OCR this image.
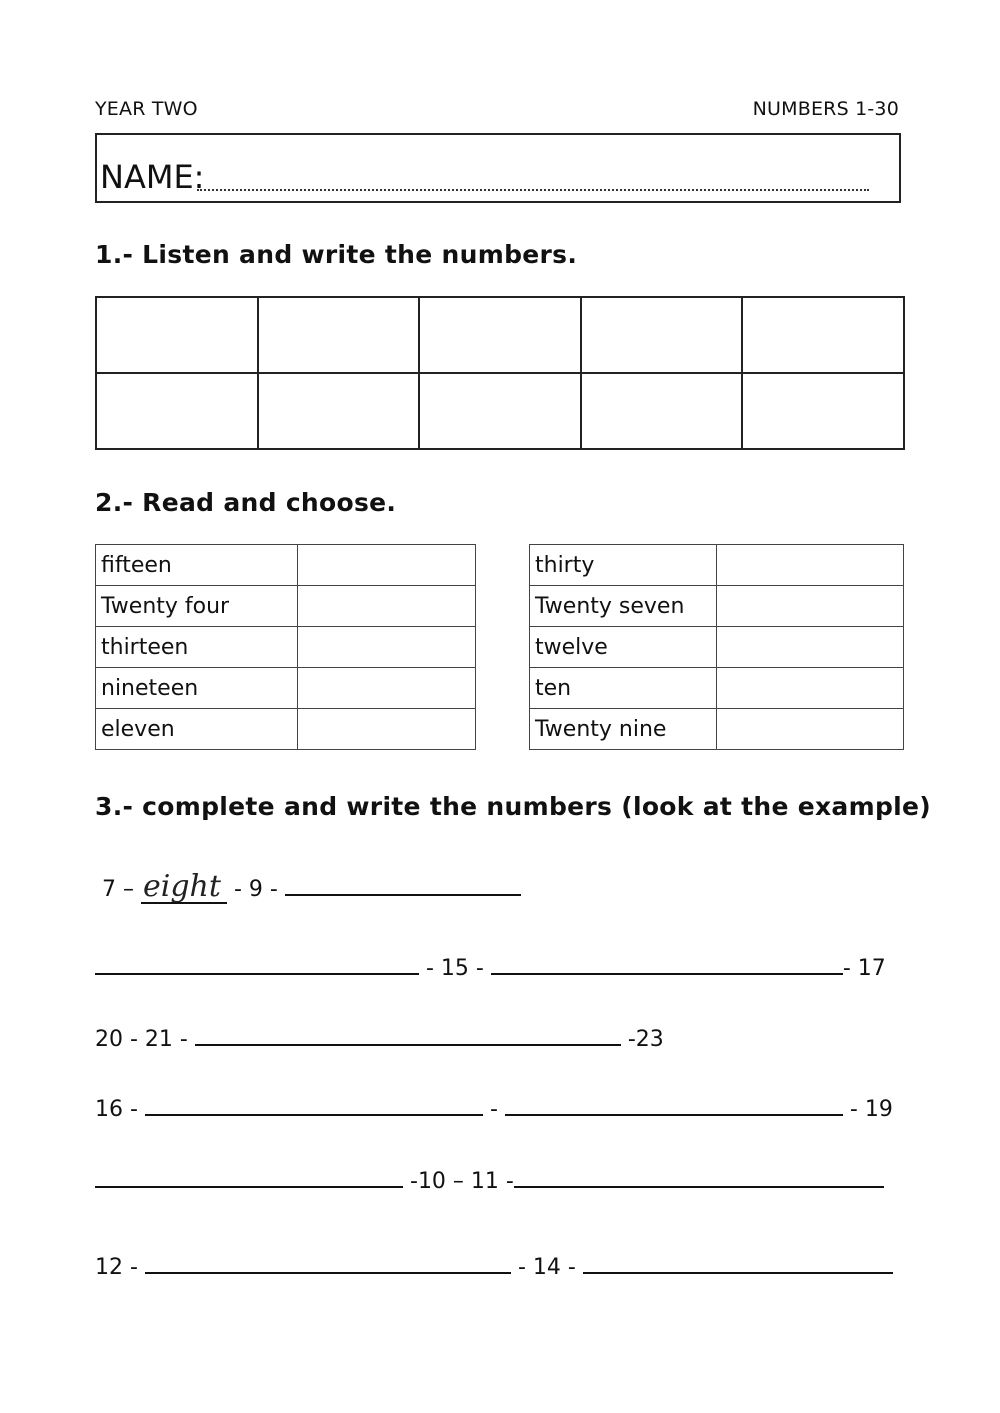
YEAR TWO	NUMBERS 1-30
NAME:
1.- Listen and write the numbers.

2.- Read and choose.
fifteen	
Twenty four	
thirteen	
nineteen	
eleven	
thirty	
Twenty seven	
twelve	
ten	
Twenty nine	
3.- complete and write the numbers (look at the example)
7 – eight - 9 -
- 15 -	- 17
20 - 21 -	-23
16 -	-	- 19
-10 – 11 -
12 -	- 14 -
